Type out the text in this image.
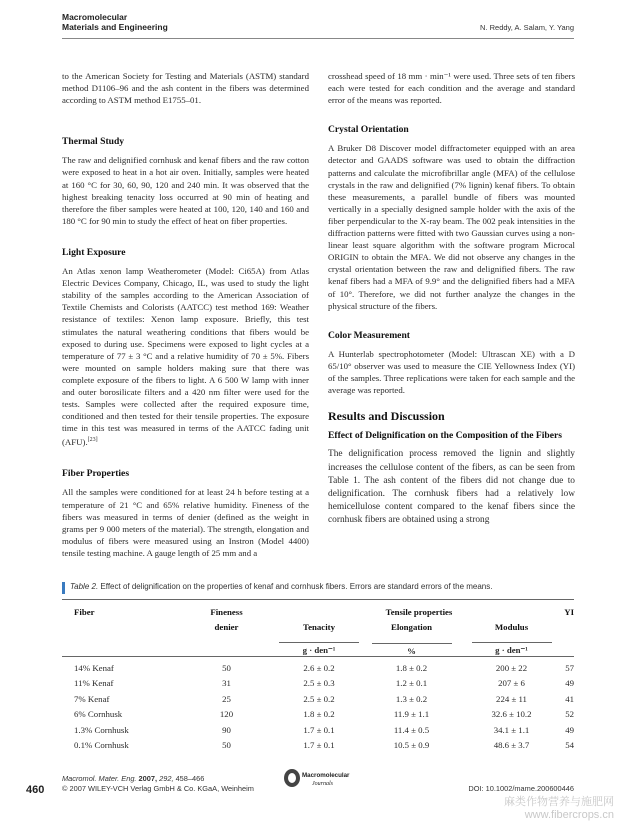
Macromolecular
Materials and Engineering	N. Reddy, A. Salam, Y. Yang

to the American Society for Testing and Materials (ASTM) standard method D1106–96 and the ash content in the fibers was determined according to ASTM method E1755–01.

Thermal Study

The raw and delignified cornhusk and kenaf fibers and the raw cotton were exposed to heat in a hot air oven. Initially, samples were heated at 160 °C for 30, 60, 90, 120 and 240 min. It was observed that the highest breaking tenacity loss occurred at 90 min of heating and therefore the fiber samples were heated at 100, 120, 140 and 160 and 180 °C for 90 min to study the effect of heat on fiber properties.

Light Exposure

An Atlas xenon lamp Weatherometer (Model: Ci65A) from Atlas Electric Devices Company, Chicago, IL, was used to study the light stability of the samples according to the American Association of Textile Chemists and Colorists (AATCC) test method 169: Weather resistance of textiles: Xenon lamp exposure. Briefly, this test stimulates the natural weathering conditions that fibers would be exposed to during use. Specimens were exposed to light cycles at a temperature of 77 ± 3 °C and a relative humidity of 70 ± 5%. Fibers were mounted on sample holders making sure that there was complete exposure of the fibers to light. A 6 500 W lamp with inner and outer borosilicate filters and a 420 nm filter were used for the tests. Samples were collected after the required exposure time, conditioned and then tested for their tensile properties. The exposure time in this test was measured in terms of the AATCC fading unit (AFU).[23]

Fiber Properties

All the samples were conditioned for at least 24 h before testing at a temperature of 21 °C and 65% relative humidity. Fineness of the fibers was measured in terms of denier (defined as the weight in grams per 9 000 meters of the material). The strength, elongation and modulus of fibers were measured using an Instron (Model 4400) tensile testing machine. A gauge length of 25 mm and a

crosshead speed of 18 mm · min⁻¹ were used. Three sets of ten fibers each were tested for each condition and the average and standard error of the means was reported.

Crystal Orientation

A Bruker D8 Discover model diffractometer equipped with an area detector and GAADS software was used to obtain the diffraction patterns and calculate the microfibrillar angle (MFA) of the cellulose crystals in the raw and delignified (7% lignin) kenaf fibers. To obtain these measurements, a parallel bundle of fibers was mounted vertically in a specially designed sample holder with the axis of the fiber perpendicular to the X-ray beam. The 002 peak intensities in the diffraction patterns were fitted with two Gaussian curves using a non-linear least square algorithm with the software program Microcal ORIGIN to obtain the MFA. We did not observe any changes in the crystal orientation between the raw and delignified fibers. The raw kenaf fibers had a MFA of 9.9° and the delignified fibers had a MFA of 10°. Therefore, we did not further analyze the changes in the physical structure of the fibers.

Color Measurement

A Hunterlab spectrophotometer (Model: Ultrascan XE) with a D 65/10° observer was used to measure the CIE Yellowness Index (YI) of the samples. Three replications were taken for each sample and the average was reported.

Results and Discussion
Effect of Delignification on the Composition of the Fibers

The delignification process removed the lignin and slightly increases the cellulose content of the fibers, as can be seen from Table 1. The ash content of the fibers did not change due to delignification. The cornhusk fibers had a relatively low hemicellulose content compared to the kenaf fibers since the cornhusk fibers are obtained using a strong

Table 2. Effect of delignification on the properties of kenaf and cornhusk fibers. Errors are standard errors of the means.
Fiber	Fineness	Tensile properties			YI
	denier	Tenacity	Elongation	Modulus	

g · den⁻¹	%	g · den⁻¹	

14% Kenaf	50	2.6 ± 0.2	1.8 ± 0.2	200 ± 22	57
11% Kenaf	31	2.5 ± 0.3	1.2 ± 0.1	207 ± 6	49
7% Kenaf	25	2.5 ± 0.2	1.3 ± 0.2	224 ± 11	41
6% Cornhusk	120	1.8 ± 0.2	11.9 ± 1.1	32.6 ± 10.2	52
1.3% Cornhusk	90	1.7 ± 0.1	11.4 ± 0.5	34.1 ± 1.1	49
0.1% Cornhusk	50	1.7 ± 0.1	10.5 ± 0.9	48.6 ± 3.7	54
460
Macromol. Mater. Eng. 2007, 292, 458–466
© 2007 WILEY-VCH Verlag GmbH & Co. KGaA, Weinheim
Macromolecular
Journals	DOI: 10.1002/mame.200600446
麻类作物营养与施肥网
www.fibercrops.cn
